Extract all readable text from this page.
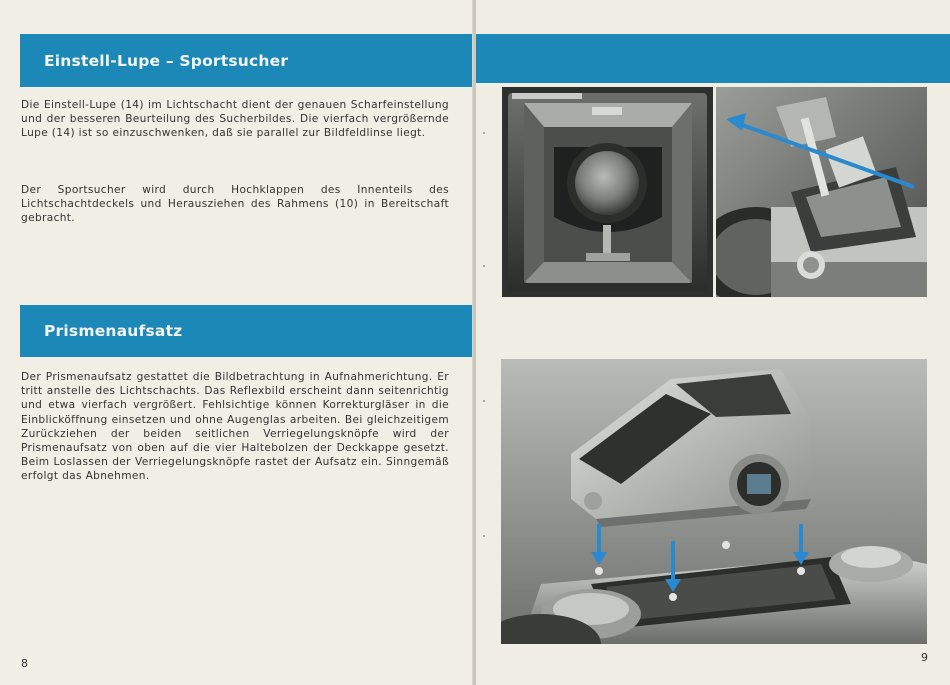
Einstell-Lupe – Sportsucher

Die Einstell-Lupe (14) im Lichtschacht dient der genauen Scharfeinstellung und der besseren Beurteilung des Sucherbildes. Die vierfach vergrößernde Lupe (14) ist so einzuschwenken, daß sie parallel zur Bildfeldlinse liegt.

Der Sportsucher wird durch Hochklappen des Innenteils des Lichtschachtdeckels und Herausziehen des Rahmens (10) in Bereitschaft gebracht.

Prismenaufsatz

Der Prismenaufsatz gestattet die Bildbetrachtung in Aufnahmerichtung. Er tritt anstelle des Lichtschachts. Das Reflexbild erscheint dann seitenrichtig und etwa vierfach vergrößert. Fehlsichtige können Korrekturgläser in die Einblicköffnung einsetzen und ohne Augenglas arbeiten. Bei gleichzeitigem Zurückziehen der beiden seitlichen Verriegelungsknöpfe wird der Prismenaufsatz von oben auf die vier Haltebolzen der Deckkappe gesetzt. Beim Loslassen der Verriegelungsknöpfe rastet der Aufsatz ein. Sinngemäß erfolgt das Abnehmen.

8	9
